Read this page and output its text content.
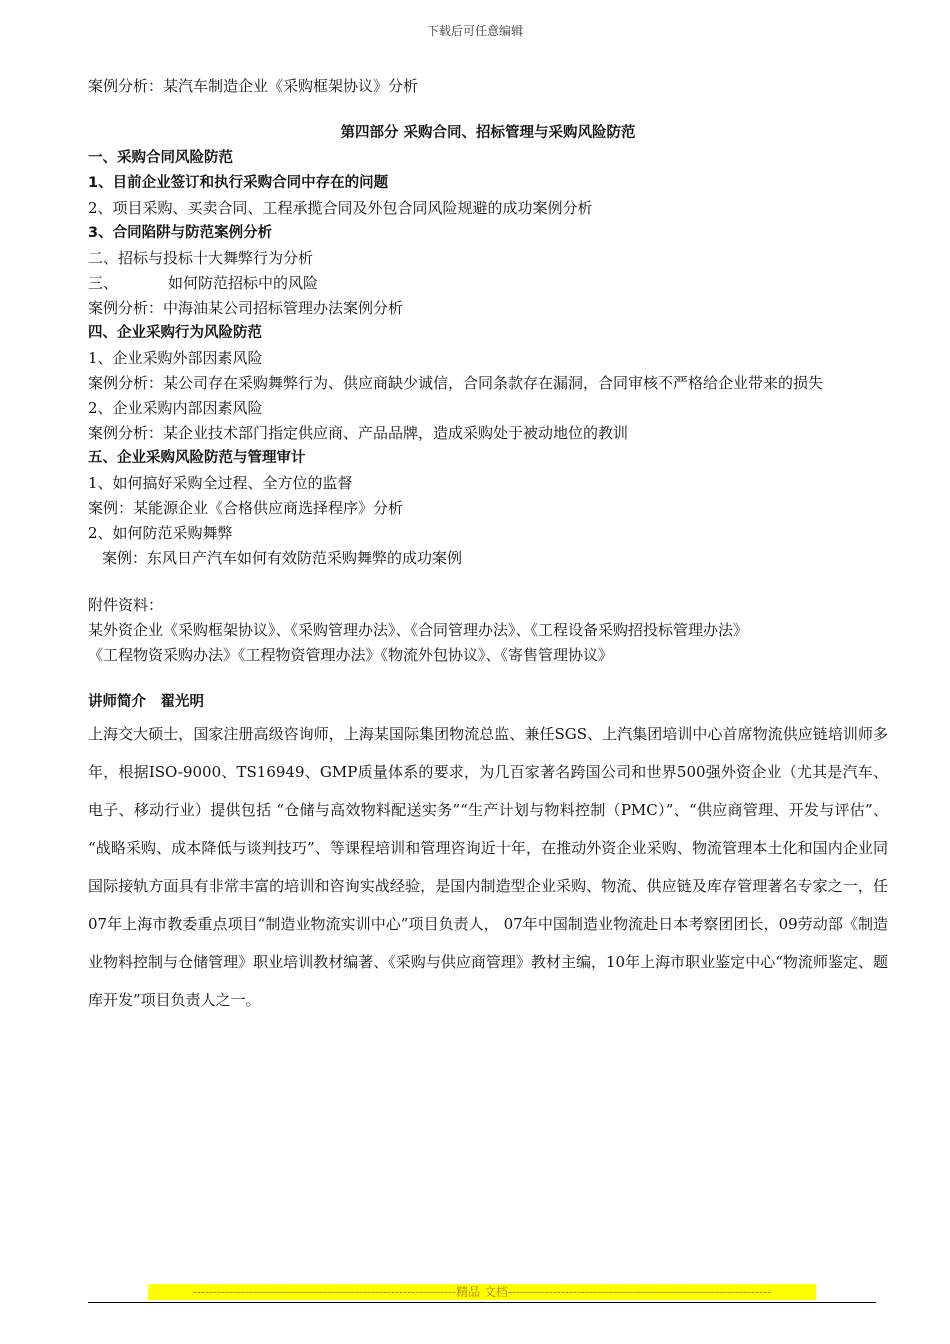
下载后可任意编辑

案例分析：某汽车制造企业《采购框架协议》分析

第四部分 采购合同、招标管理与采购风险防范

一、采购合同风险防范

1、目前企业签订和执行采购合同中存在的问题

2、项目采购、买卖合同、工程承揽合同及外包合同风险规避的成功案例分析

3、合同陷阱与防范案例分析

二、招标与投标十大舞弊行为分析

三、	如何防范招标中的风险

案例分析：中海油某公司招标管理办法案例分析

四、企业采购行为风险防范

1、企业采购外部因素风险

案例分析：某公司存在采购舞弊行为、供应商缺少诚信，合同条款存在漏洞，合同审核不严格给企业带来的损失

2、企业采购内部因素风险

案例分析：某企业技术部门指定供应商、产品品牌，造成采购处于被动地位的教训

五、企业采购风险防范与管理审计

1、如何搞好采购全过程、全方位的监督

案例：某能源企业《合格供应商选择程序》分析

2、如何防范采购舞弊

案例：东风日产汽车如何有效防范采购舞弊的成功案例

附件资料：

某外资企业《采购框架协议》、《采购管理办法》、《合同管理办法》、《工程设备采购招投标管理办法》

《工程物资采购办法》《工程物资管理办法》《物流外包协议》、《寄售管理协议》

讲师简介　翟光明

上海交大硕士，国家注册高级咨询师，上海某国际集团物流总监、兼任SGS、上汽集团培训中心首席物流供应链培训师多年，根据ISO-9000、TS16949、GMP质量体系的要求，为几百家著名跨国公司和世界500强外资企业（尤其是汽车、电子、移动行业）提供包括 “仓储与高效物料配送实务”“生产计划与物料控制（PMC）”、“供应商管理、开发与评估”、 “战略采购、成本降低与谈判技巧”、等课程培训和管理咨询近十年，在推动外资企业采购、物流管理本土化和国内企业同国际接轨方面具有非常丰富的培训和咨询实战经验，是国内制造型企业采购、物流、供应链及库存管理著名专家之一，任07年上海市教委重点项目“制造业物流实训中心”项目负责人， 07年中国制造业物流赴日本考察团团长，09劳动部《制造业物料控制与仓储管理》职业培训教材编著、《采购与供应商管理》教材主编，10年上海市职业鉴定中心“物流师鉴定、题库开发”项目负责人之一。

-----------------------------------------------------------------精品 文档-----------------------------------------------------------------
